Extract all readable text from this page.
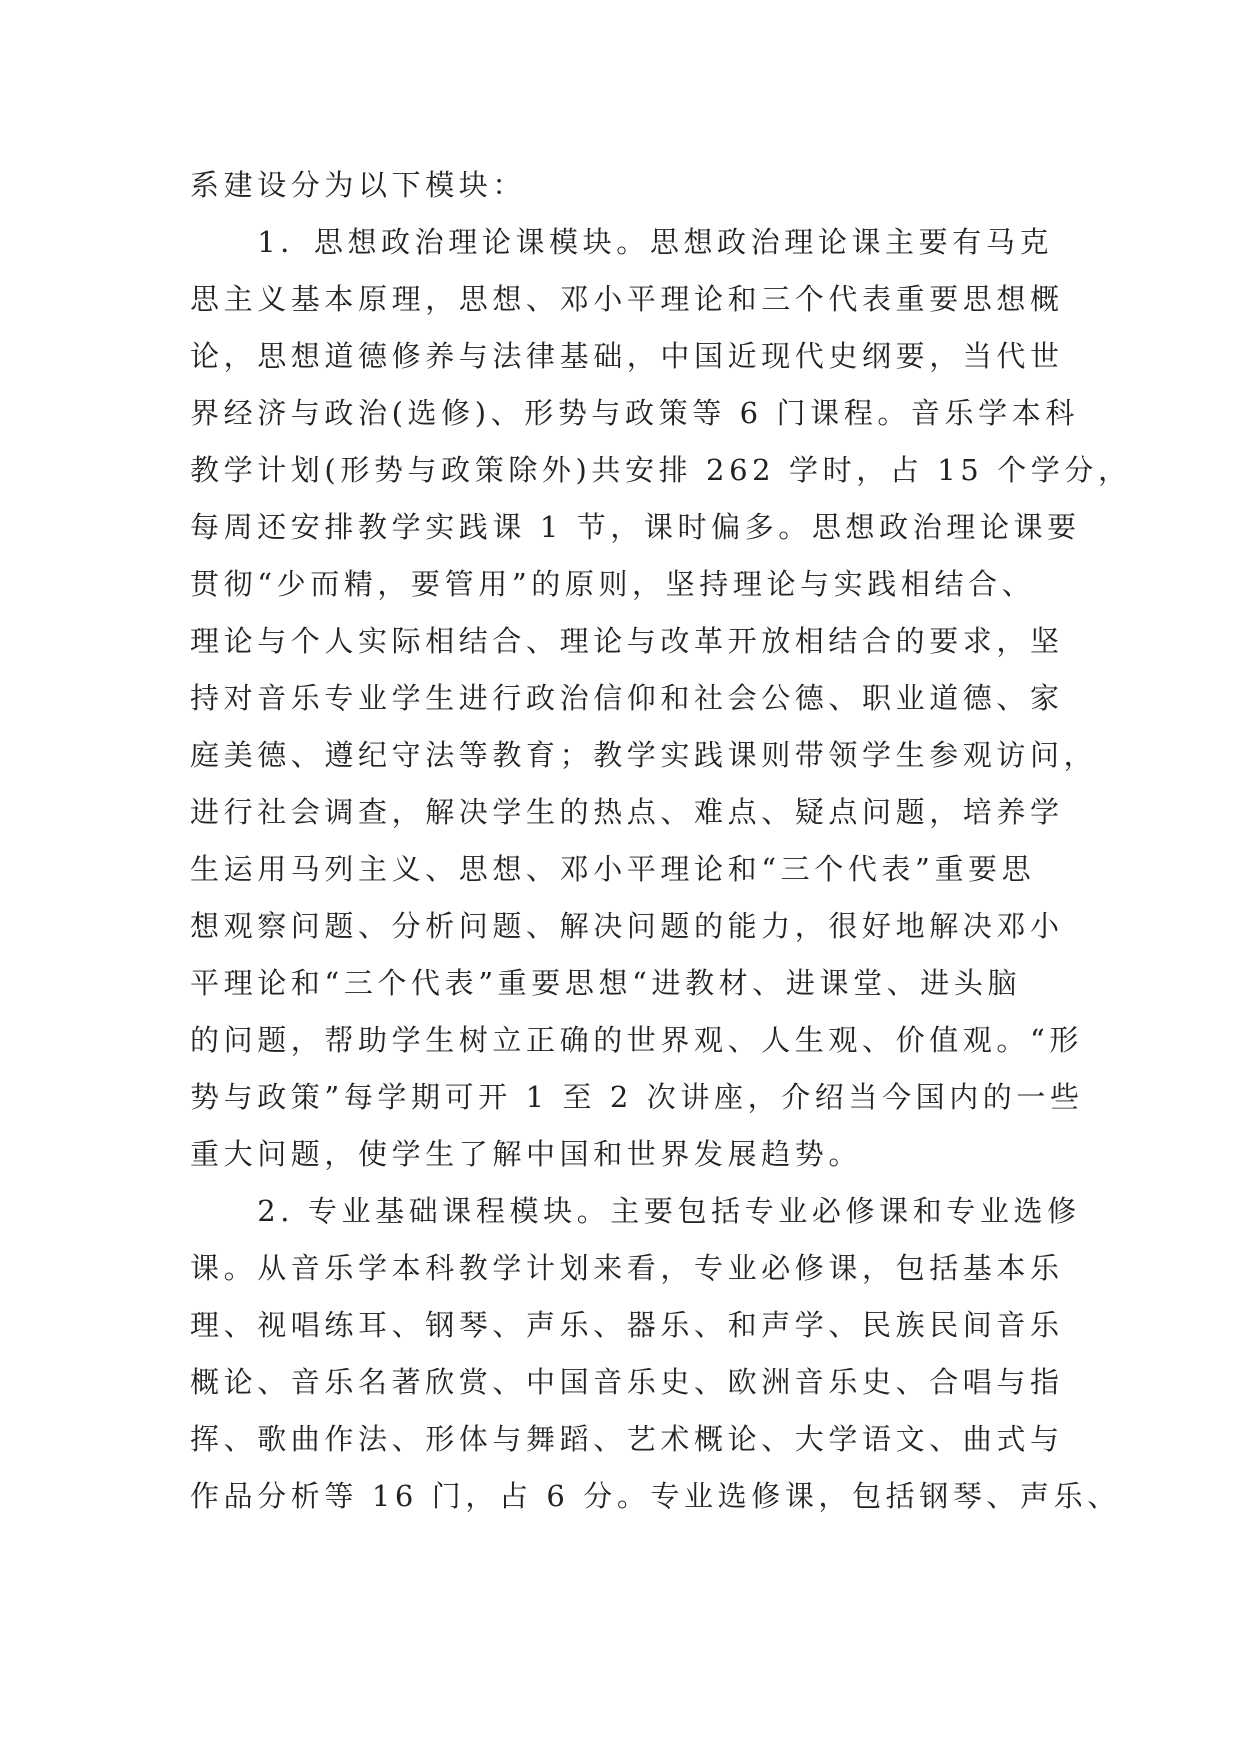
系建设分为以下模块：
　　1．思想政治理论课模块。思想政治理论课主要有马克
思主义基本原理，思想、邓小平理论和三个代表重要思想概
论，思想道德修养与法律基础，中国近现代史纲要，当代世
界经济与政治(选修)、形势与政策等 6 门课程。音乐学本科
教学计划(形势与政策除外)共安排 262 学时，占 15 个学分，
每周还安排教学实践课 1 节，课时偏多。思想政治理论课要
贯彻“少而精，要管用”的原则，坚持理论与实践相结合、
理论与个人实际相结合、理论与改革开放相结合的要求，坚
持对音乐专业学生进行政治信仰和社会公德、职业道德、家
庭美德、遵纪守法等教育；教学实践课则带领学生参观访问，
进行社会调查，解决学生的热点、难点、疑点问题，培养学
生运用马列主义、思想、邓小平理论和“三个代表”重要思
想观察问题、分析问题、解决问题的能力，很好地解决邓小
平理论和“三个代表”重要思想“进教材、进课堂、进头脑
的问题，帮助学生树立正确的世界观、人生观、价值观。“形
势与政策”每学期可开 1 至 2 次讲座，介绍当今国内的一些
重大问题，使学生了解中国和世界发展趋势。
　　2. 专业基础课程模块。主要包括专业必修课和专业选修
课。从音乐学本科教学计划来看，专业必修课，包括基本乐
理、视唱练耳、钢琴、声乐、器乐、和声学、民族民间音乐
概论、音乐名著欣赏、中国音乐史、欧洲音乐史、合唱与指
挥、歌曲作法、形体与舞蹈、艺术概论、大学语文、曲式与
作品分析等 16 门，占 6 分。专业选修课，包括钢琴、声乐、
